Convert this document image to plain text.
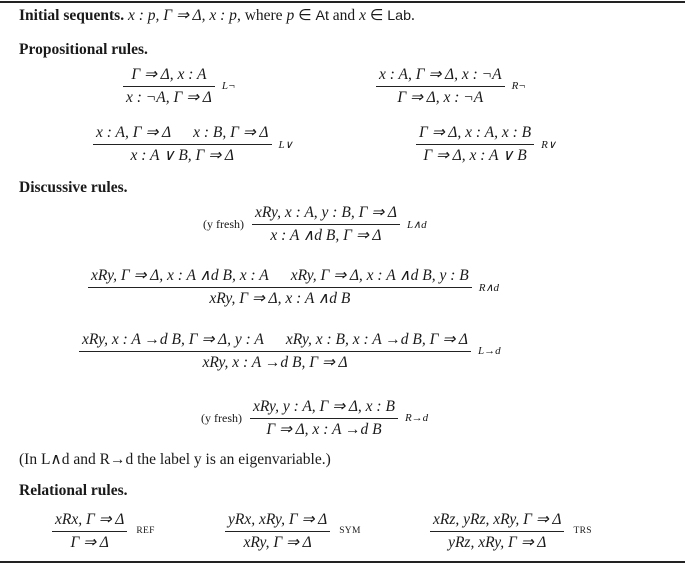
Initial sequents. x : p, Γ ⇒ Δ, x : p, where p ∈ At and x ∈ Lab.
Propositional rules.
$\frac{\Gamma \Rightarrow \Delta, x : A}{x : \neg A, \Gamma \Rightarrow \Delta}$ L¬	$\frac{x : A, \Gamma \Rightarrow \Delta, x : \neg A}{\Gamma \Rightarrow \Delta, x : \neg A}$ R¬
$\frac{\text{x : A, Γ ⇒ Δ x : B, Γ ⇒ Δ}}{x : A \vee B, \Gamma \Rightarrow \Delta}$ L∨	$\frac{\Gamma \Rightarrow \Delta, x : A, x : B}{\Gamma \Rightarrow \Delta, x : A \vee B}$ R∨
Discussive rules.
(y fresh) $\frac{\text{xRy, x : A, y : B, Γ ⇒ Δ}}{\text{x : A ∧d B, Γ ⇒ Δ}}$ L∧d
$\frac{\text{xRy, Γ ⇒ Δ, x : A ∧d B, x : A xRy, Γ ⇒ Δ, x : A ∧d B, y : B}}{\text{xRy, Γ ⇒ Δ, x : A ∧d B}}$ R∧d
$\frac{\text{xRy, x : A →d B, Γ ⇒ Δ, y : A xRy, x : B, x : A →d B, Γ ⇒ Δ}}{\text{xRy, x : A →d B, Γ ⇒ Δ}} L\to d$
(y fresh) $\frac{\text{xRy, y : A, Γ ⇒ Δ, x : B}}{\text{Γ ⇒ Δ, x : A →d B}} R\to d$
(In L∧d and R→d the label y is an eigenvariable.)
Relational rules.
$\frac{\text{xRx, Γ ⇒ Δ}}{\Gamma \Rightarrow \Delta}$ REF	$\frac{\text{yRx, xRy, Γ ⇒ Δ}}{\text{xRy, Γ ⇒ Δ}}$ SYM	$\frac{\text{xRz, yRz, xRy, Γ ⇒ Δ}}{\text{yRz, xRy, Γ ⇒ Δ}}$ TRS
